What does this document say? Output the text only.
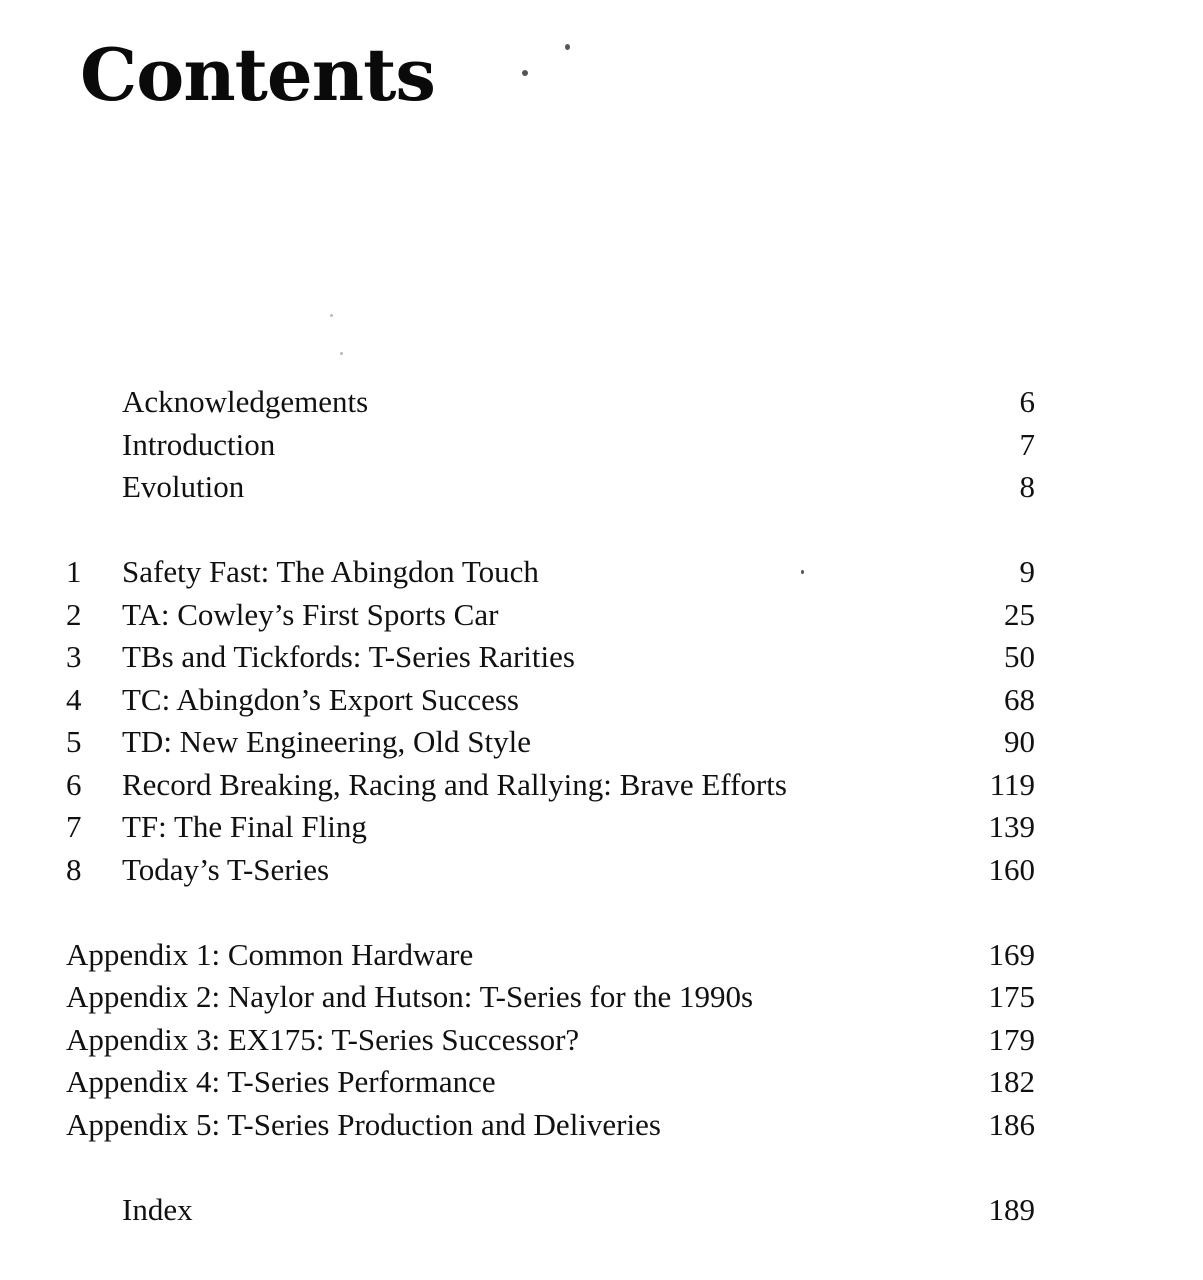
Contents
Acknowledgements	6
Introduction	7
Evolution	8
1	Safety Fast: The Abingdon Touch	9
2	TA: Cowley’s First Sports Car	25
3	TBs and Tickfords: T-Series Rarities	50
4	TC: Abingdon’s Export Success	68
5	TD: New Engineering, Old Style	90
6	Record Breaking, Racing and Rallying: Brave Efforts	119
7	TF: The Final Fling	139
8	Today’s T-Series	160
Appendix 1: Common Hardware	169
Appendix 2: Naylor and Hutson: T-Series for the 1990s	175
Appendix 3: EX175: T-Series Successor?	179
Appendix 4: T-Series Performance	182
Appendix 5: T-Series Production and Deliveries	186
Index	189
